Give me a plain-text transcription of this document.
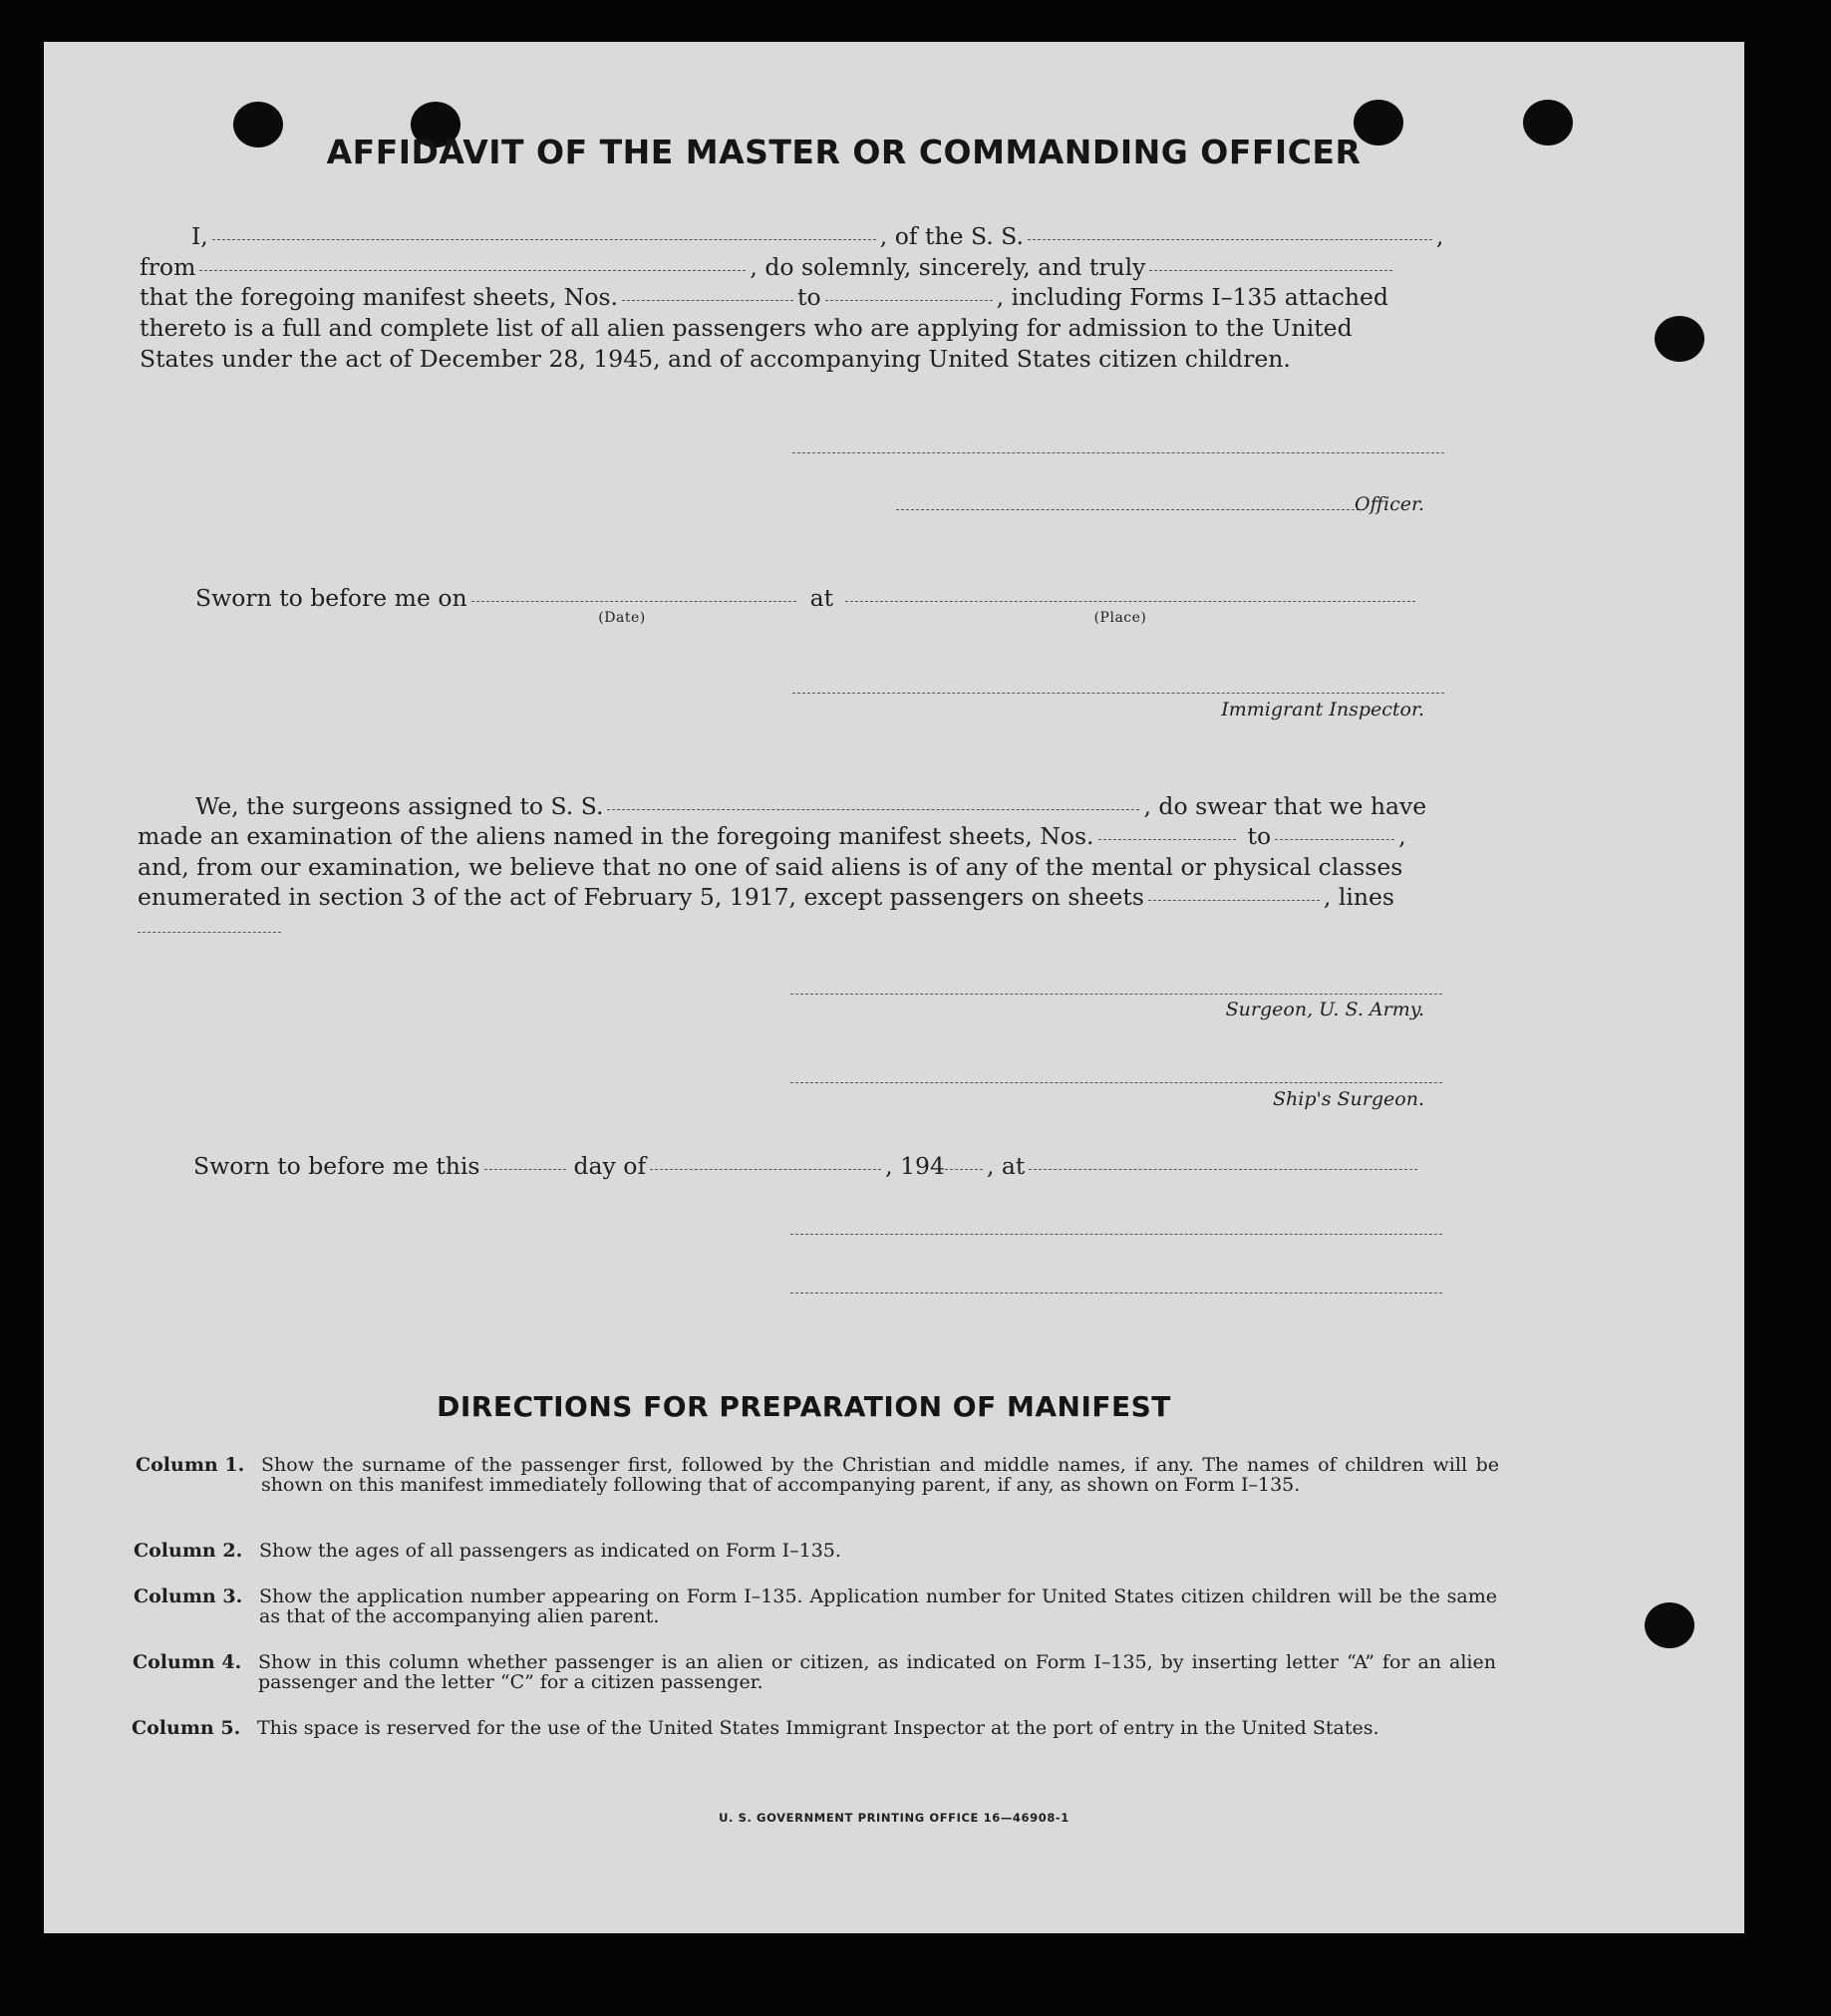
AFFIDAVIT OF THE MASTER OR COMMANDING OFFICER

I,	, of the S. S.	,

from	, do solemnly, sincerely, and truly

that the foregoing manifest sheets, Nos.	to	, including Forms I–135 attached

thereto is a full and complete list of all alien passengers who are applying for admission to the United

States under the act of December 28, 1945, and of accompanying United States citizen children.

Officer.
Sworn to before me on	at
(Date)	(Place)
Immigrant Inspector.

We, the surgeons assigned to S. S.	, do swear that we have

made an examination of the aliens named in the foregoing manifest sheets, Nos.	to	,

and, from our examination, we believe that no one of said aliens is of any of the mental or physical classes

enumerated in section 3 of the act of February 5, 1917, except passengers on sheets	, lines

Surgeon, U. S. Army.
Ship's Surgeon.
Sworn to before me this	day of	, 194 , at
DIRECTIONS FOR PREPARATION OF MANIFEST
Column 1. Show the surname of the passenger first, followed by the Christian and middle names, if any. The names of children will be shown on this manifest immediately following that of accompanying parent, if any, as shown on Form I–135.
Column 2. Show the ages of all passengers as indicated on Form I–135.
Column 3. Show the application number appearing on Form I–135. Application number for United States citizen children will be the same as that of the accompanying alien parent.
Column 4. Show in this column whether passenger is an alien or citizen, as indicated on Form I–135, by inserting letter “A” for an alien passenger and the letter “C” for a citizen passenger.
Column 5. This space is reserved for the use of the United States Immigrant Inspector at the port of entry in the United States.
U. S. GOVERNMENT PRINTING OFFICE 16—46908-1
